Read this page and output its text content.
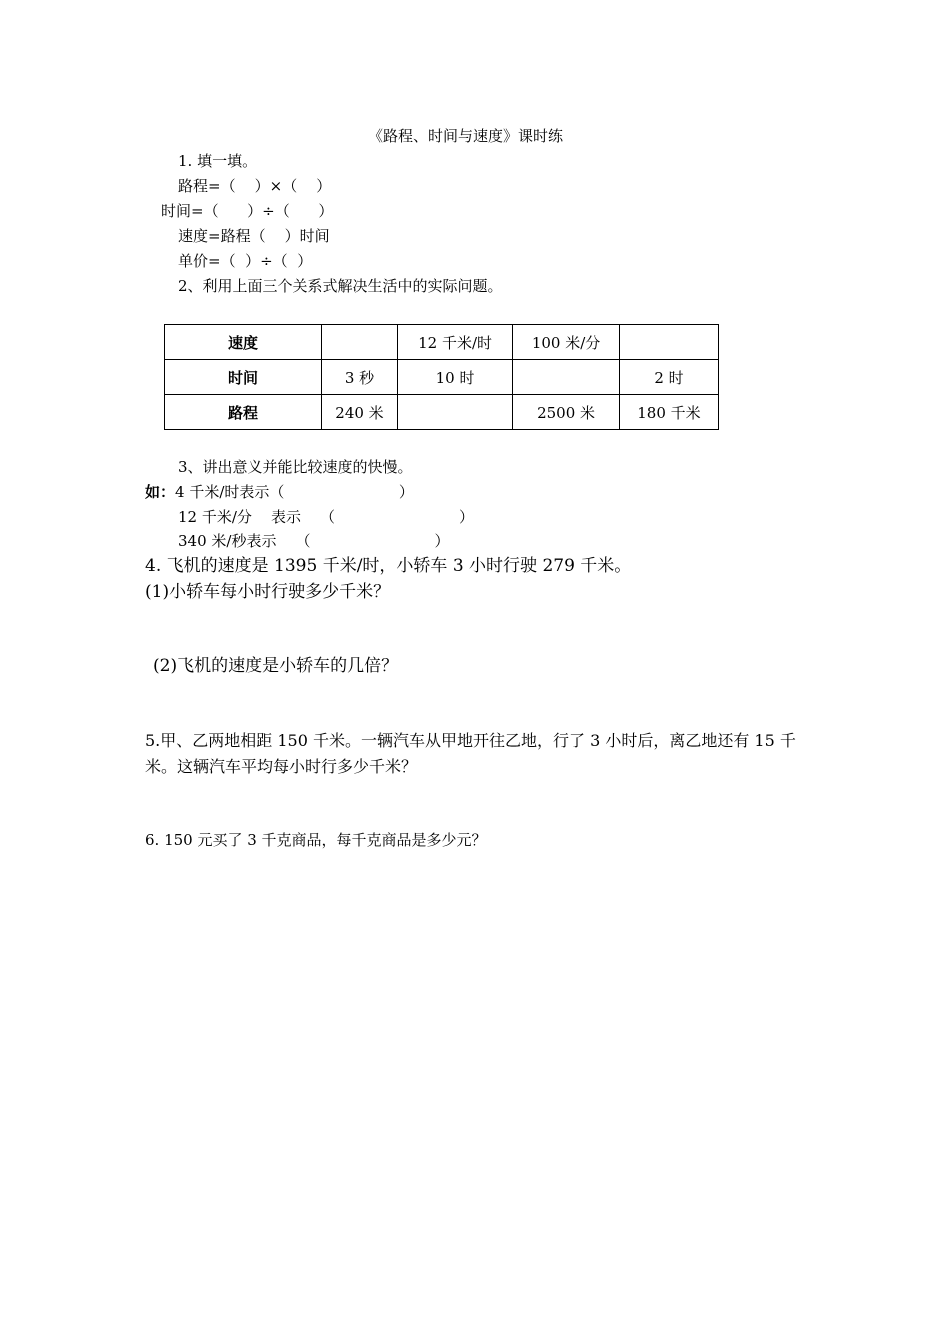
《路程、时间与速度》课时练
1. 填一填。
路程=（    ）×（    ）
时间=（      ）÷（      ）
速度=路程（    ）时间
单价=（  ）÷（  ）
2、利用上面三个关系式解决生活中的实际问题。
速度		12 千米/时	100 米/分	
时间	3 秒	10 时		2 时
路程	240 米		2500 米	180 千米
3、讲出意义并能比较速度的快慢。
如：4 千米/时表示（                        ）
12 千米/分    表示    （                          ）
340 米/秒表示    （                          ）
4. 飞机的速度是 1395 千米/时，小轿车 3 小时行驶 279 千米。
(1)小轿车每小时行驶多少千米？
(2)飞机的速度是小轿车的几倍？
5.甲、乙两地相距 150 千米。一辆汽车从甲地开往乙地，行了 3 小时后，离乙地还有 15 千
米。这辆汽车平均每小时行多少千米？
6. 150 元买了 3 千克商品，每千克商品是多少元？
